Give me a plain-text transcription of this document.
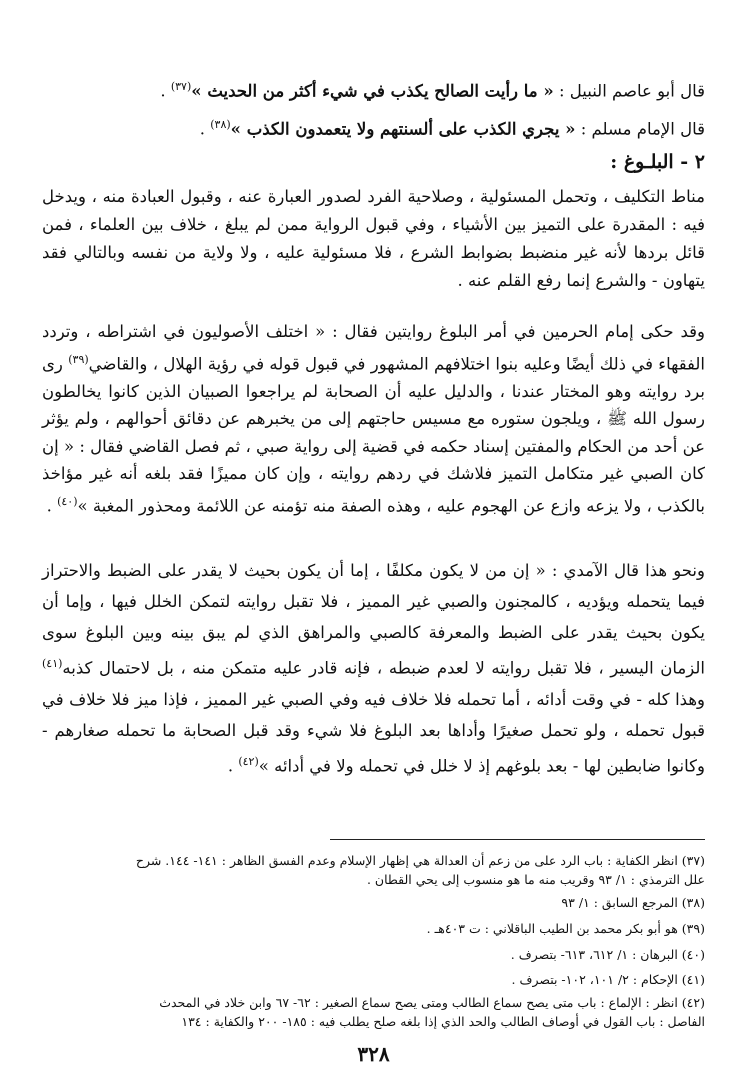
قال أبو عاصم النبيل : « ما رأيت الصالح يكذب في شيء أكثر من الحديث »$^{(٣٧)}$ .
قال الإمام مسلم : « يجري الكذب على ألسنتهم ولا يتعمدون الكذب »$^{(٣٨)}$ .
٢ - البلـوغ :
مناط التكليف ، وتحمل المسئولية ، وصلاحية الفرد لصدور العبارة عنه ، وقبول العبادة منه ، ويدخل فيه : المقدرة على التميز بين الأشياء ، وفي قبول الرواية ممن لم يبلغ ، خلاف بين العلماء ، فمن قائل بردها لأنه غير منضبط بضوابط الشرع ، فلا مسئولية عليه ، ولا ولاية من نفسه وبالتالي فقد يتهاون - والشرع إنما رفع القلم عنه .
وقد حكى إمام الحرمين في أمر البلوغ روايتين فقال : « اختلف الأصوليون في اشتراطه ، وتردد الفقهاء في ذلك أيضًا وعليه بنوا اختلافهم المشهور في قبول قوله في رؤية الهلال ، والقاضي$^{(٣٩)}$ رى برد روايته وهو المختار عندنا ، والدليل عليه أن الصحابة لم يراجعوا الصبيان الذين كانوا يخالطون رسول الله ﷺ ، ويلجون ستوره مع مسيس حاجتهم إلى من يخبرهم عن دقائق أحوالهم ، ولم يؤثر عن أحد من الحكام والمفتين إسناد حكمه في قضية إلى رواية صبي ، ثم فصل القاضي فقال : « إن كان الصبي غير متكامل التميز فلاشك في ردهم روايته ، وإن كان مميزًا فقد بلغه أنه غير مؤاخذ بالكذب ، ولا يزعه وازع عن الهجوم عليه ، وهذه الصفة منه تؤمنه عن اللائمة ومحذور المغبة »$^{(٤٠)}$ .
ونحو هذا قال الآمدي : « إن من لا يكون مكلفًا ، إما أن يكون بحيث لا يقدر على الضبط والاحتراز فيما يتحمله ويؤديه ، كالمجنون والصبي غير المميز ، فلا تقبل روايته لتمكن الخلل فيها ، وإما أن يكون بحيث يقدر على الضبط والمعرفة كالصبي والمراهق الذي لم يبق بينه وبين البلوغ سوى الزمان اليسير ، فلا تقبل روايته لا لعدم ضبطه ، فإنه قادر عليه متمكن منه ، بل لاحتمال كذبه$^{(٤١)}$ وهذا كله - في وقت أدائه ، أما تحمله فلا خلاف فيه وفي الصبي غير المميز ، فإذا ميز فلا خلاف في قبول تحمله ، ولو تحمل صغيرًا وأداها بعد البلوغ فلا شيء وقد قبل الصحابة ما تحمله صغارهم - وكانوا ضابطين لها - بعد بلوغهم إذ لا خلل في تحمله ولا في أدائه »$^{(٤٢)}$ .
(٣٧) انظر الكفاية : باب الرد على من زعم أن العدالة هي إظهار الإسلام وعدم الفسق الظاهر : ١٤١- ١٤٤. شرح
علل الترمذي : ١/ ٩٣ وقريب منه ما هو منسوب إلى يحي القطان .
(٣٨) المرجع السابق : ١/ ٩٣
(٣٩) هو أبو بكر محمد بن الطيب الباقلاني : ت ٤٠٣هـ .
(٤٠) البرهان : ١/ ٦١٢، ٦١٣- بتصرف .
(٤١) الإحكام : ٢/ ١٠١، ١٠٢- بتصرف .
(٤٢) انظر : الإلماع : باب متى يصح سماع الطالب ومتى يصح سماع الصغير : ٦٢- ٦٧ وابن خلاد في المحدث
الفاصل : باب القول في أوصاف الطالب والحد الذي إذا بلغه صلح يطلب فيه : ١٨٥- ٢٠٠ والكفاية : ١٣٤
٣٢٨
